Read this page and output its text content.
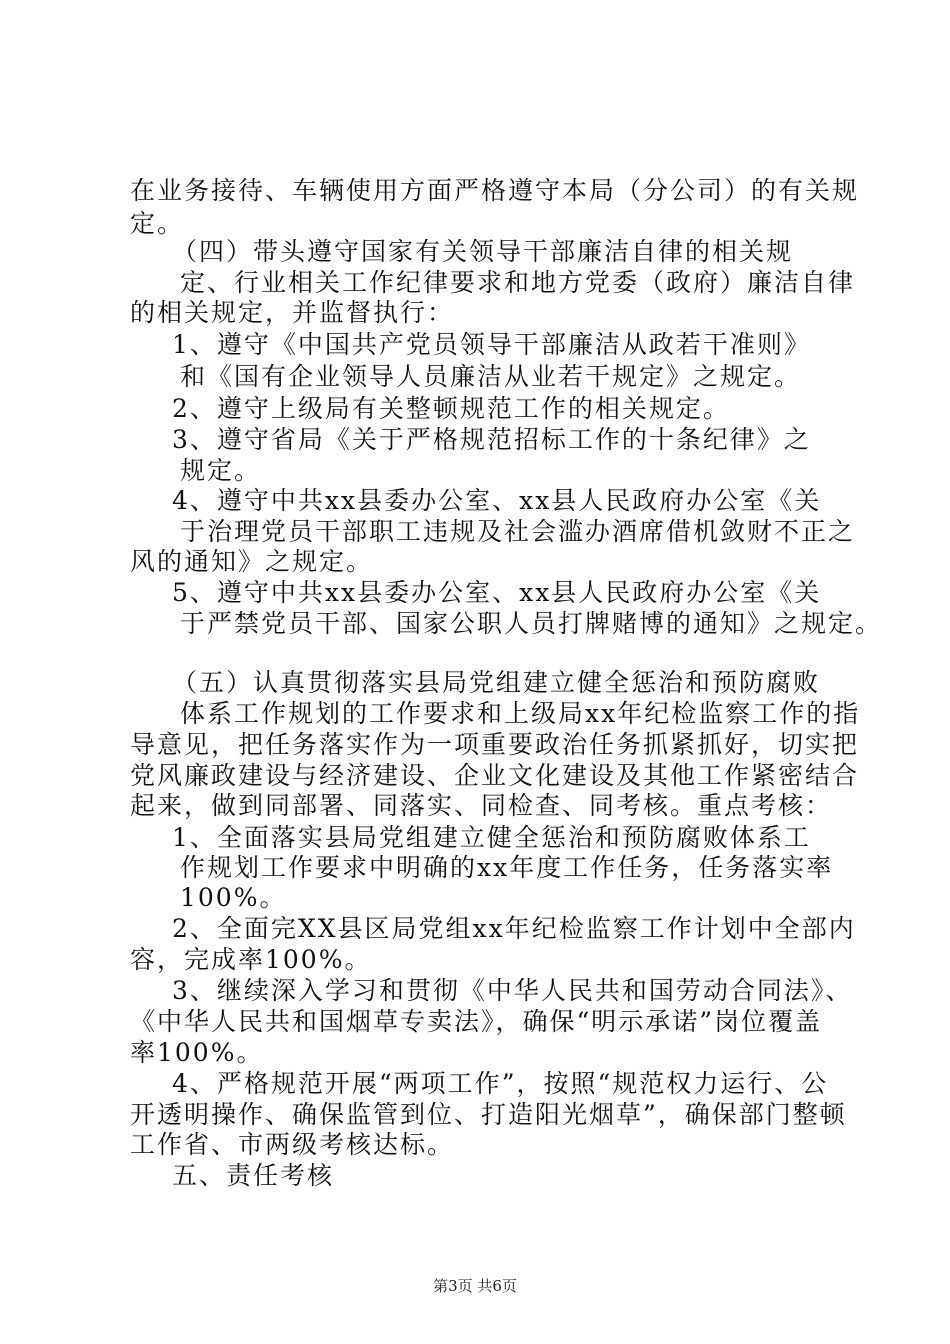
在业务接待、车辆使用方面严格遵守本局（分公司）的有关规
定。
（四）带头遵守国家有关领导干部廉洁自律的相关规
定、行业相关工作纪律要求和地方党委（政府）廉洁自律
的相关规定，并监督执行：
1、遵守《中国共产党员领导干部廉洁从政若干准则》
和《国有企业领导人员廉洁从业若干规定》之规定。
2、遵守上级局有关整顿规范工作的相关规定。
3、遵守省局《关于严格规范招标工作的十条纪律》之
规定。
4、遵守中共xx县委办公室、xx县人民政府办公室《关
于治理党员干部职工违规及社会滥办酒席借机敛财不正之
风的通知》之规定。
5、遵守中共xx县委办公室、xx县人民政府办公室《关
于严禁党员干部、国家公职人员打牌赌博的通知》之规定。
（五）认真贯彻落实县局党组建立健全惩治和预防腐败
体系工作规划的工作要求和上级局xx年纪检监察工作的指
导意见，把任务落实作为一项重要政治任务抓紧抓好，切实把
党风廉政建设与经济建设、企业文化建设及其他工作紧密结合
起来，做到同部署、同落实、同检查、同考核。重点考核：
1、全面落实县局党组建立健全惩治和预防腐败体系工
作规划工作要求中明确的xx年度工作任务，任务落实率
100%。
2、全面完XX县区局党组xx年纪检监察工作计划中全部内
容，完成率100%。
3、继续深入学习和贯彻《中华人民共和国劳动合同法》、
《中华人民共和国烟草专卖法》，确保“明示承诺”岗位覆盖
率100%。
4、严格规范开展“两项工作”，按照“规范权力运行、公
开透明操作、确保监管到位、打造阳光烟草”，确保部门整顿
工作省、市两级考核达标。
五、责任考核
第3页 共6页
